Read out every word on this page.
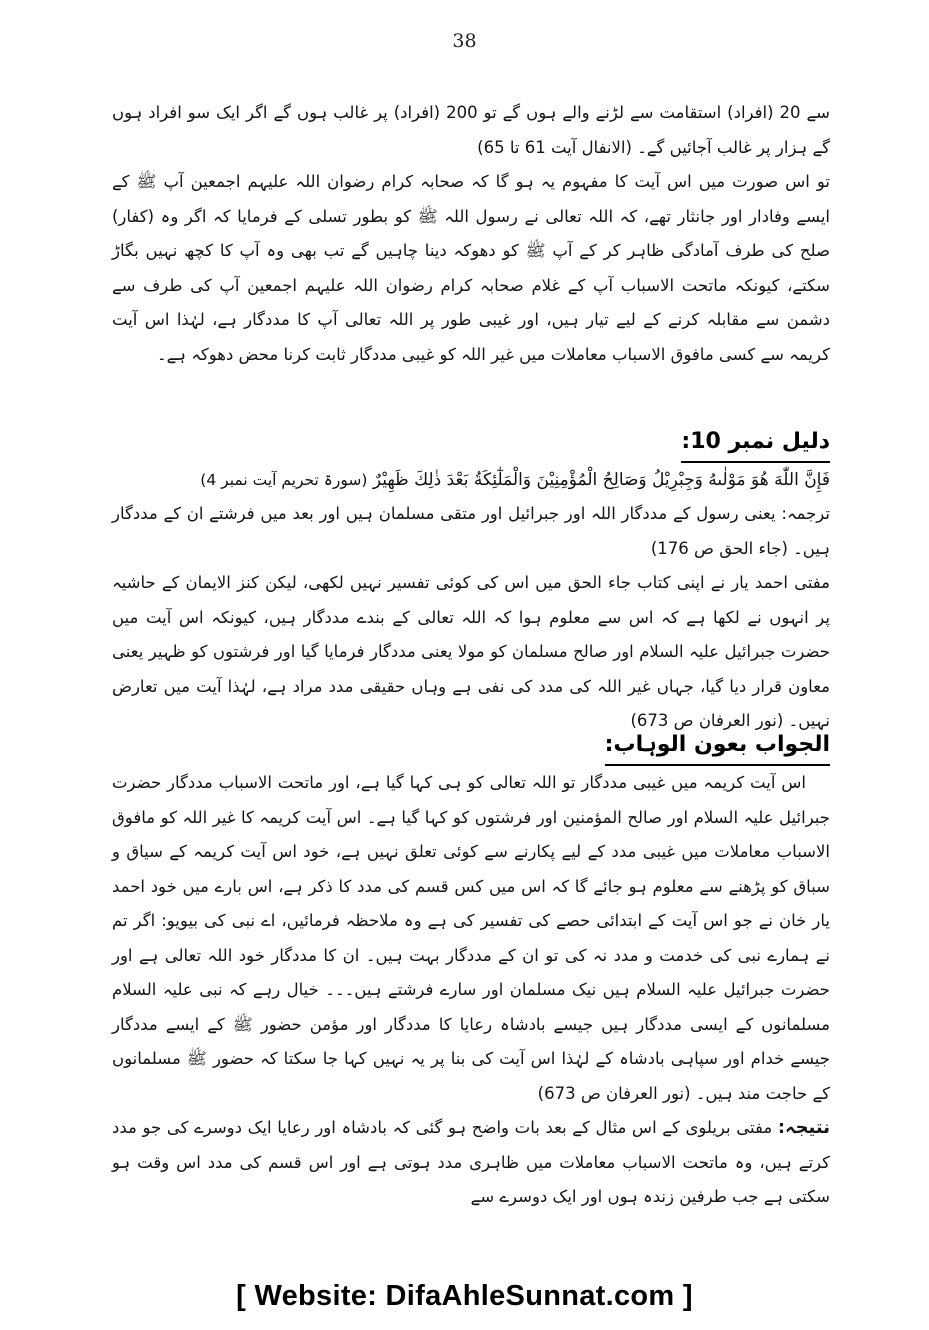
38

سے 20 (افراد) استقامت سے لڑنے والے ہوں گے تو 200 (افراد) پر غالب ہوں گے اگر ایک سو افراد ہوں گے ہزار پر غالب آجائیں گے۔ (الانفال آیت 61 تا 65)

تو اس صورت میں اس آیت کا مفہوم یہ ہو گا کہ صحابہ کرام رضوان اللہ علیہم اجمعین آپ ﷺ کے ایسے وفادار اور جانثار تھے، کہ اللہ تعالی نے رسول اللہ ﷺ کو بطور تسلی کے فرمایا کہ اگر وہ (کفار) صلح کی طرف آمادگی ظاہر کر کے آپ ﷺ کو دھوکہ دینا چاہیں گے تب بھی وہ آپ کا کچھ نہیں بگاڑ سکتے، کیونکہ ماتحت الاسباب آپ کے غلام صحابہ کرام رضوان اللہ علیہم اجمعین آپ کی طرف سے دشمن سے مقابلہ کرنے کے لیے تیار ہیں، اور غیبی طور پر اللہ تعالی آپ کا مددگار ہے، لہٰذا اس آیت کریمہ سے کسی مافوق الاسباب معاملات میں غیر اللہ کو غیبی مددگار ثابت کرنا محض دھوکہ ہے۔

دلیل نمبر 10:

فَإِنَّ اللّٰهَ هُوَ مَوْلٰىهُ وَجِبْرِيْلُ وَصَالِحُ الْمُؤْمِنِيْنَ وَالْمَلٰٓئِكَةُ بَعْدَ ذٰلِكَ ظَهِيْرٌ (سورۃ تحریم آیت نمبر 4)

ترجمہ: یعنی رسول کے مددگار اللہ اور جبرائیل اور متقی مسلمان ہیں اور بعد میں فرشتے ان کے مددگار ہیں۔ (جاء الحق ص 176)

مفتی احمد یار نے اپنی کتاب جاء الحق میں اس کی کوئی تفسیر نہیں لکھی، لیکن کنز الایمان کے حاشیہ پر انہوں نے لکھا ہے کہ اس سے معلوم ہوا کہ اللہ تعالی کے بندے مددگار ہیں، کیونکہ اس آیت میں حضرت جبرائیل علیہ السلام اور صالح مسلمان کو مولا یعنی مددگار فرمایا گیا اور فرشتوں کو ظہیر یعنی معاون قرار دیا گیا، جہاں غیر اللہ کی مدد کی نفی ہے وہاں حقیقی مدد مراد ہے، لہٰذا آیت میں تعارض نہیں۔ (نور العرفان ص 673)

الجواب بعون الوہاب:

اس آیت کریمہ میں غیبی مددگار تو اللہ تعالی کو ہی کہا گیا ہے، اور ماتحت الاسباب مددگار حضرت جبرائیل علیہ السلام اور صالح المؤمنین اور فرشتوں کو کہا گیا ہے۔ اس آیت کریمہ کا غیر اللہ کو مافوق الاسباب معاملات میں غیبی مدد کے لیے پکارنے سے کوئی تعلق نہیں ہے، خود اس آیت کریمہ کے سیاق و سباق کو پڑھنے سے معلوم ہو جائے گا کہ اس میں کس قسم کی مدد کا ذکر ہے، اس بارے میں خود احمد یار خان نے جو اس آیت کے ابتدائی حصے کی تفسیر کی ہے وہ ملاحظہ فرمائیں، اے نبی کی بیویو: اگر تم نے ہمارے نبی کی خدمت و مدد نہ کی تو ان کے مددگار بہت ہیں۔ ان کا مددگار خود اللہ تعالی ہے اور حضرت جبرائیل علیہ السلام ہیں نیک مسلمان اور سارے فرشتے ہیں۔۔۔ خیال رہے کہ نبی علیہ السلام مسلمانوں کے ایسی مددگار ہیں جیسے بادشاہ رعایا کا مددگار اور مؤمن حضور ﷺ کے ایسے مددگار جیسے خدام اور سپاہی بادشاہ کے لہٰذا اس آیت کی بنا پر یہ نہیں کہا جا سکتا کہ حضور ﷺ مسلمانوں کے حاجت مند ہیں۔ (نور العرفان ص 673)

نتیجہ: مفتی بریلوی کے اس مثال کے بعد بات واضح ہو گئی کہ بادشاہ اور رعایا ایک دوسرے کی جو مدد کرتے ہیں، وہ ماتحت الاسباب معاملات میں ظاہری مدد ہوتی ہے اور اس قسم کی مدد اس وقت ہو سکتی ہے جب طرفین زندہ ہوں اور ایک دوسرے سے

[ Website: DifaAhleSunnat.com ]
